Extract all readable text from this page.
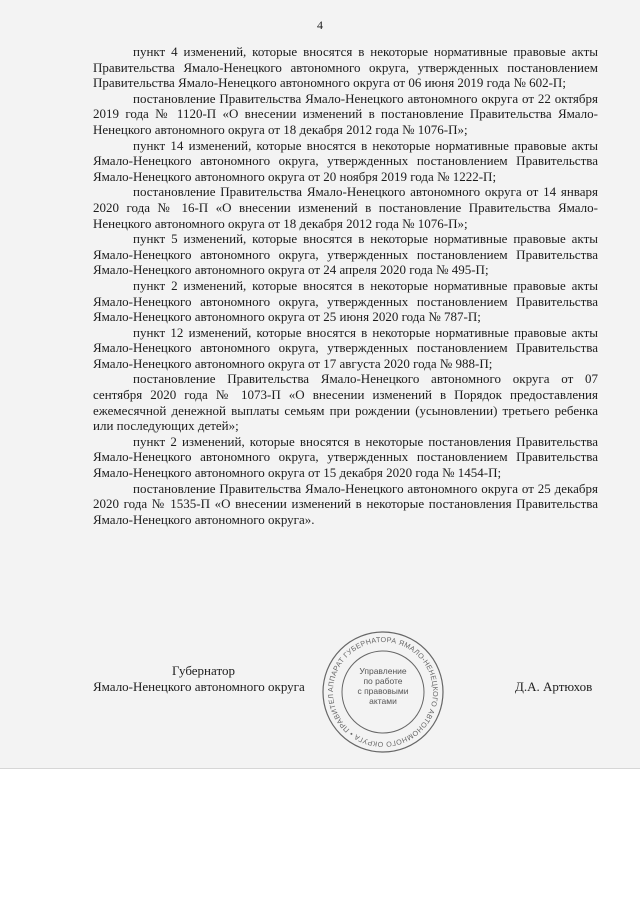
4

пункт 4 изменений, которые вносятся в некоторые нормативные правовые акты Правительства Ямало-Ненецкого автономного округа, утвержденных постановлением Правительства Ямало-Ненецкого автономного округа от 06 июня 2019 года № 602-П;

постановление Правительства Ямало-Ненецкого автономного округа от 22 октября 2019 года № 1120-П «О внесении изменений в постановление Правительства Ямало-Ненецкого автономного округа от 18 декабря 2012 года № 1076-П»;

пункт 14 изменений, которые вносятся в некоторые нормативные правовые акты Ямало-Ненецкого автономного округа, утвержденных постановлением Правительства Ямало-Ненецкого автономного округа от 20 ноября 2019 года № 1222-П;

постановление Правительства Ямало-Ненецкого автономного округа от 14 января 2020 года № 16-П «О внесении изменений в постановление Правительства Ямало-Ненецкого автономного округа от 18 декабря 2012 года № 1076-П»;

пункт 5 изменений, которые вносятся в некоторые нормативные правовые акты Ямало-Ненецкого автономного округа, утвержденных постановлением Правительства Ямало-Ненецкого автономного округа от 24 апреля 2020 года № 495-П;

пункт 2 изменений, которые вносятся в некоторые нормативные правовые акты Ямало-Ненецкого автономного округа, утвержденных постановлением Правительства Ямало-Ненецкого автономного округа от 25 июня 2020 года № 787-П;

пункт 12 изменений, которые вносятся в некоторые нормативные правовые акты Ямало-Ненецкого автономного округа, утвержденных постановлением Правительства Ямало-Ненецкого автономного округа от 17 августа 2020 года № 988-П;

постановление Правительства Ямало-Ненецкого автономного округа от 07 сентября 2020 года № 1073-П «О внесении изменений в Порядок предоставления ежемесячной денежной выплаты семьям при рождении (усыновлении) третьего ребенка или последующих детей»;

пункт 2 изменений, которые вносятся в некоторые постановления Правительства Ямало-Ненецкого автономного округа, утвержденных постановлением Правительства Ямало-Ненецкого автономного округа от 15 декабря 2020 года № 1454-П;

постановление Правительства Ямало-Ненецкого автономного округа от 25 декабря 2020 года № 1535-П «О внесении изменений в некоторые постановления Правительства Ямало-Ненецкого автономного округа».

Губернатор
Ямало-Ненецкого автономного округа	АППАРАТ ГУБЕРНАТОРА ЯМАЛО-НЕНЕЦКОГО АВТОНОМНОГО ОКРУГА • ПРАВИТЕЛ
Управление
по работе
с правовыми
актами
Д.А. Артюхов
